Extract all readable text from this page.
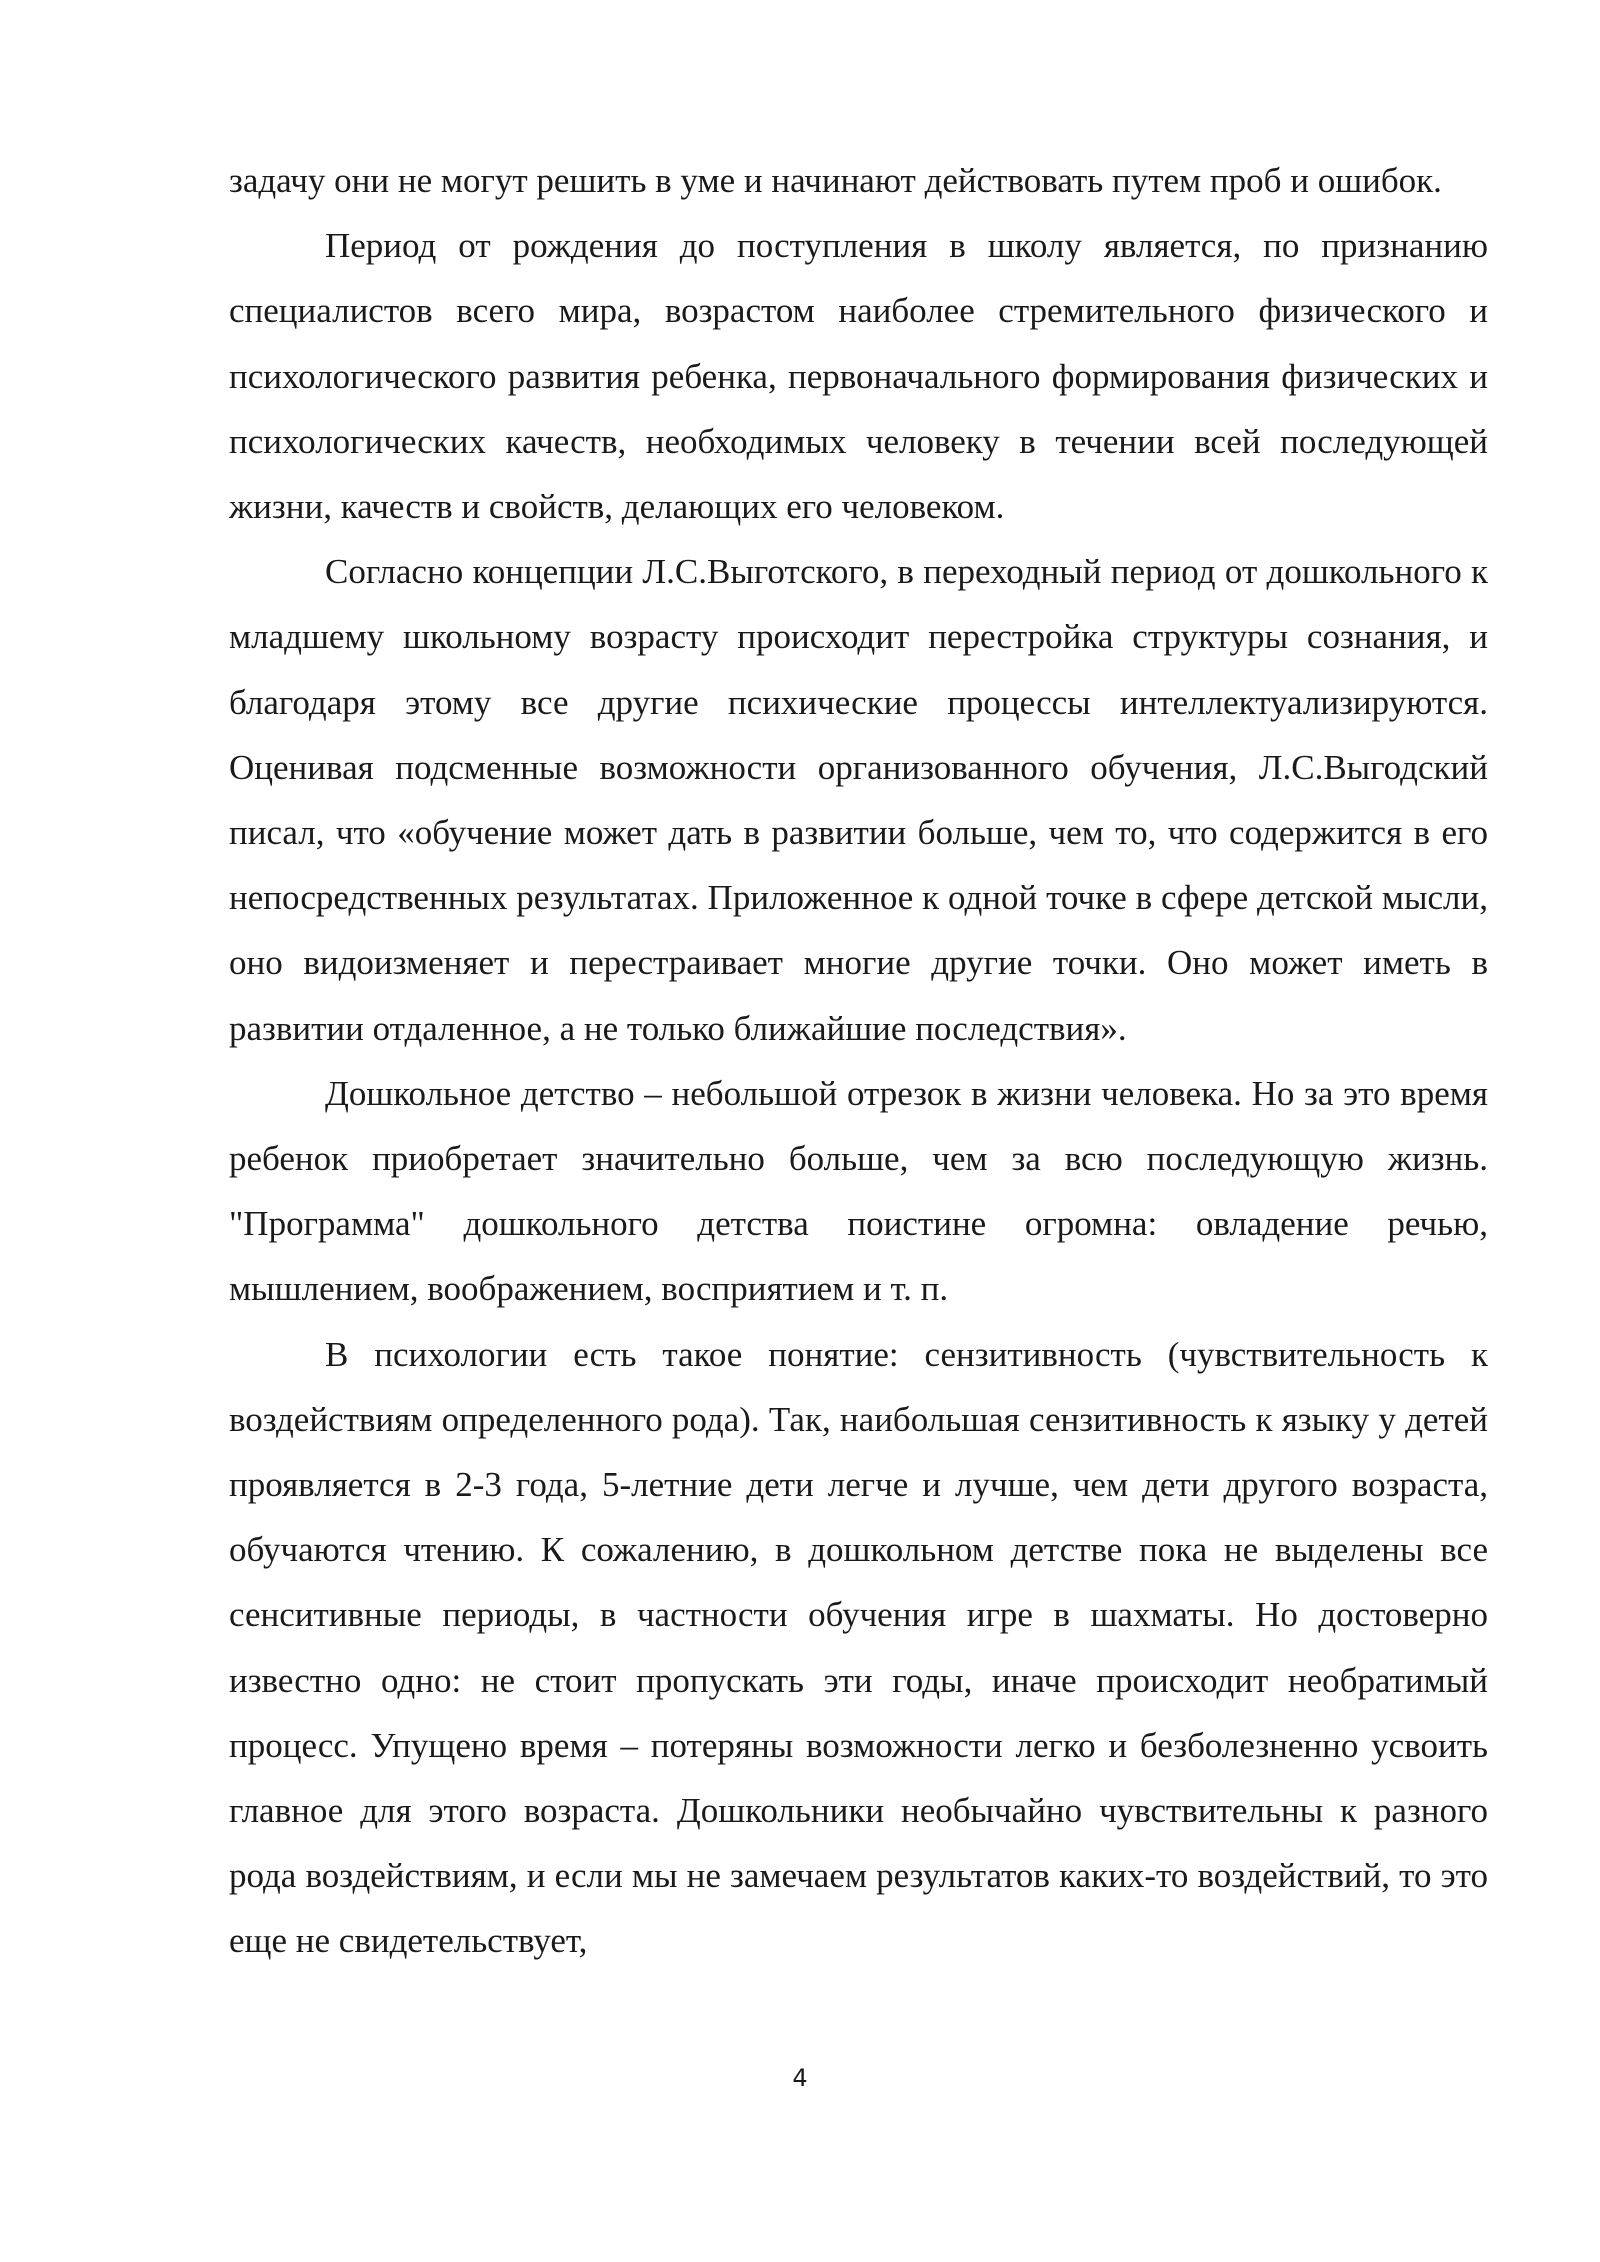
задачу они не могут решить в уме и начинают действовать путем проб и ошибок.

Период от рождения до поступления в школу является, по признанию специалистов всего мира, возрастом наиболее стремительного физического и психологического развития ребенка, первоначального формирования физических и психологических качеств, необходимых человеку в течении всей последующей жизни, качеств и свойств, делающих его человеком.

Согласно концепции Л.С.Выготского, в переходный период от дошкольного к младшему школьному возрасту происходит перестройка структуры сознания, и благодаря этому все другие психические процессы интеллектуализируются. Оценивая подсменные возможности организованного обучения, Л.С.Выгодский писал, что «обучение может дать в развитии больше, чем то, что содержится в его непосредственных результатах. Приложенное к одной точке в сфере детской мысли, оно видоизменяет и перестраивает многие другие точки. Оно может иметь в развитии отдаленное, а не только ближайшие последствия».

Дошкольное детство – небольшой отрезок в жизни человека. Но за это время ребенок приобретает значительно больше, чем за всю последующую жизнь. "Программа" дошкольного детства поистине огромна: овладение речью, мышлением, воображением, восприятием и т. п.

В психологии есть такое понятие: сензитивность (чувствительность к воздействиям определенного рода). Так, наибольшая сензитивность к языку у детей проявляется в 2-3 года, 5-летние дети легче и лучше, чем дети другого возраста, обучаются чтению. К сожалению, в дошкольном детстве пока не выделены все сенситивные периоды, в частности обучения игре в шахматы. Но достоверно известно одно: не стоит пропускать эти годы, иначе происходит необратимый процесс. Упущено время – потеряны возможности легко и безболезненно усвоить главное для этого возраста. Дошкольники необычайно чувствительны к разного рода воздействиям, и если мы не замечаем результатов каких-то воздействий, то это еще не свидетельствует,

4
